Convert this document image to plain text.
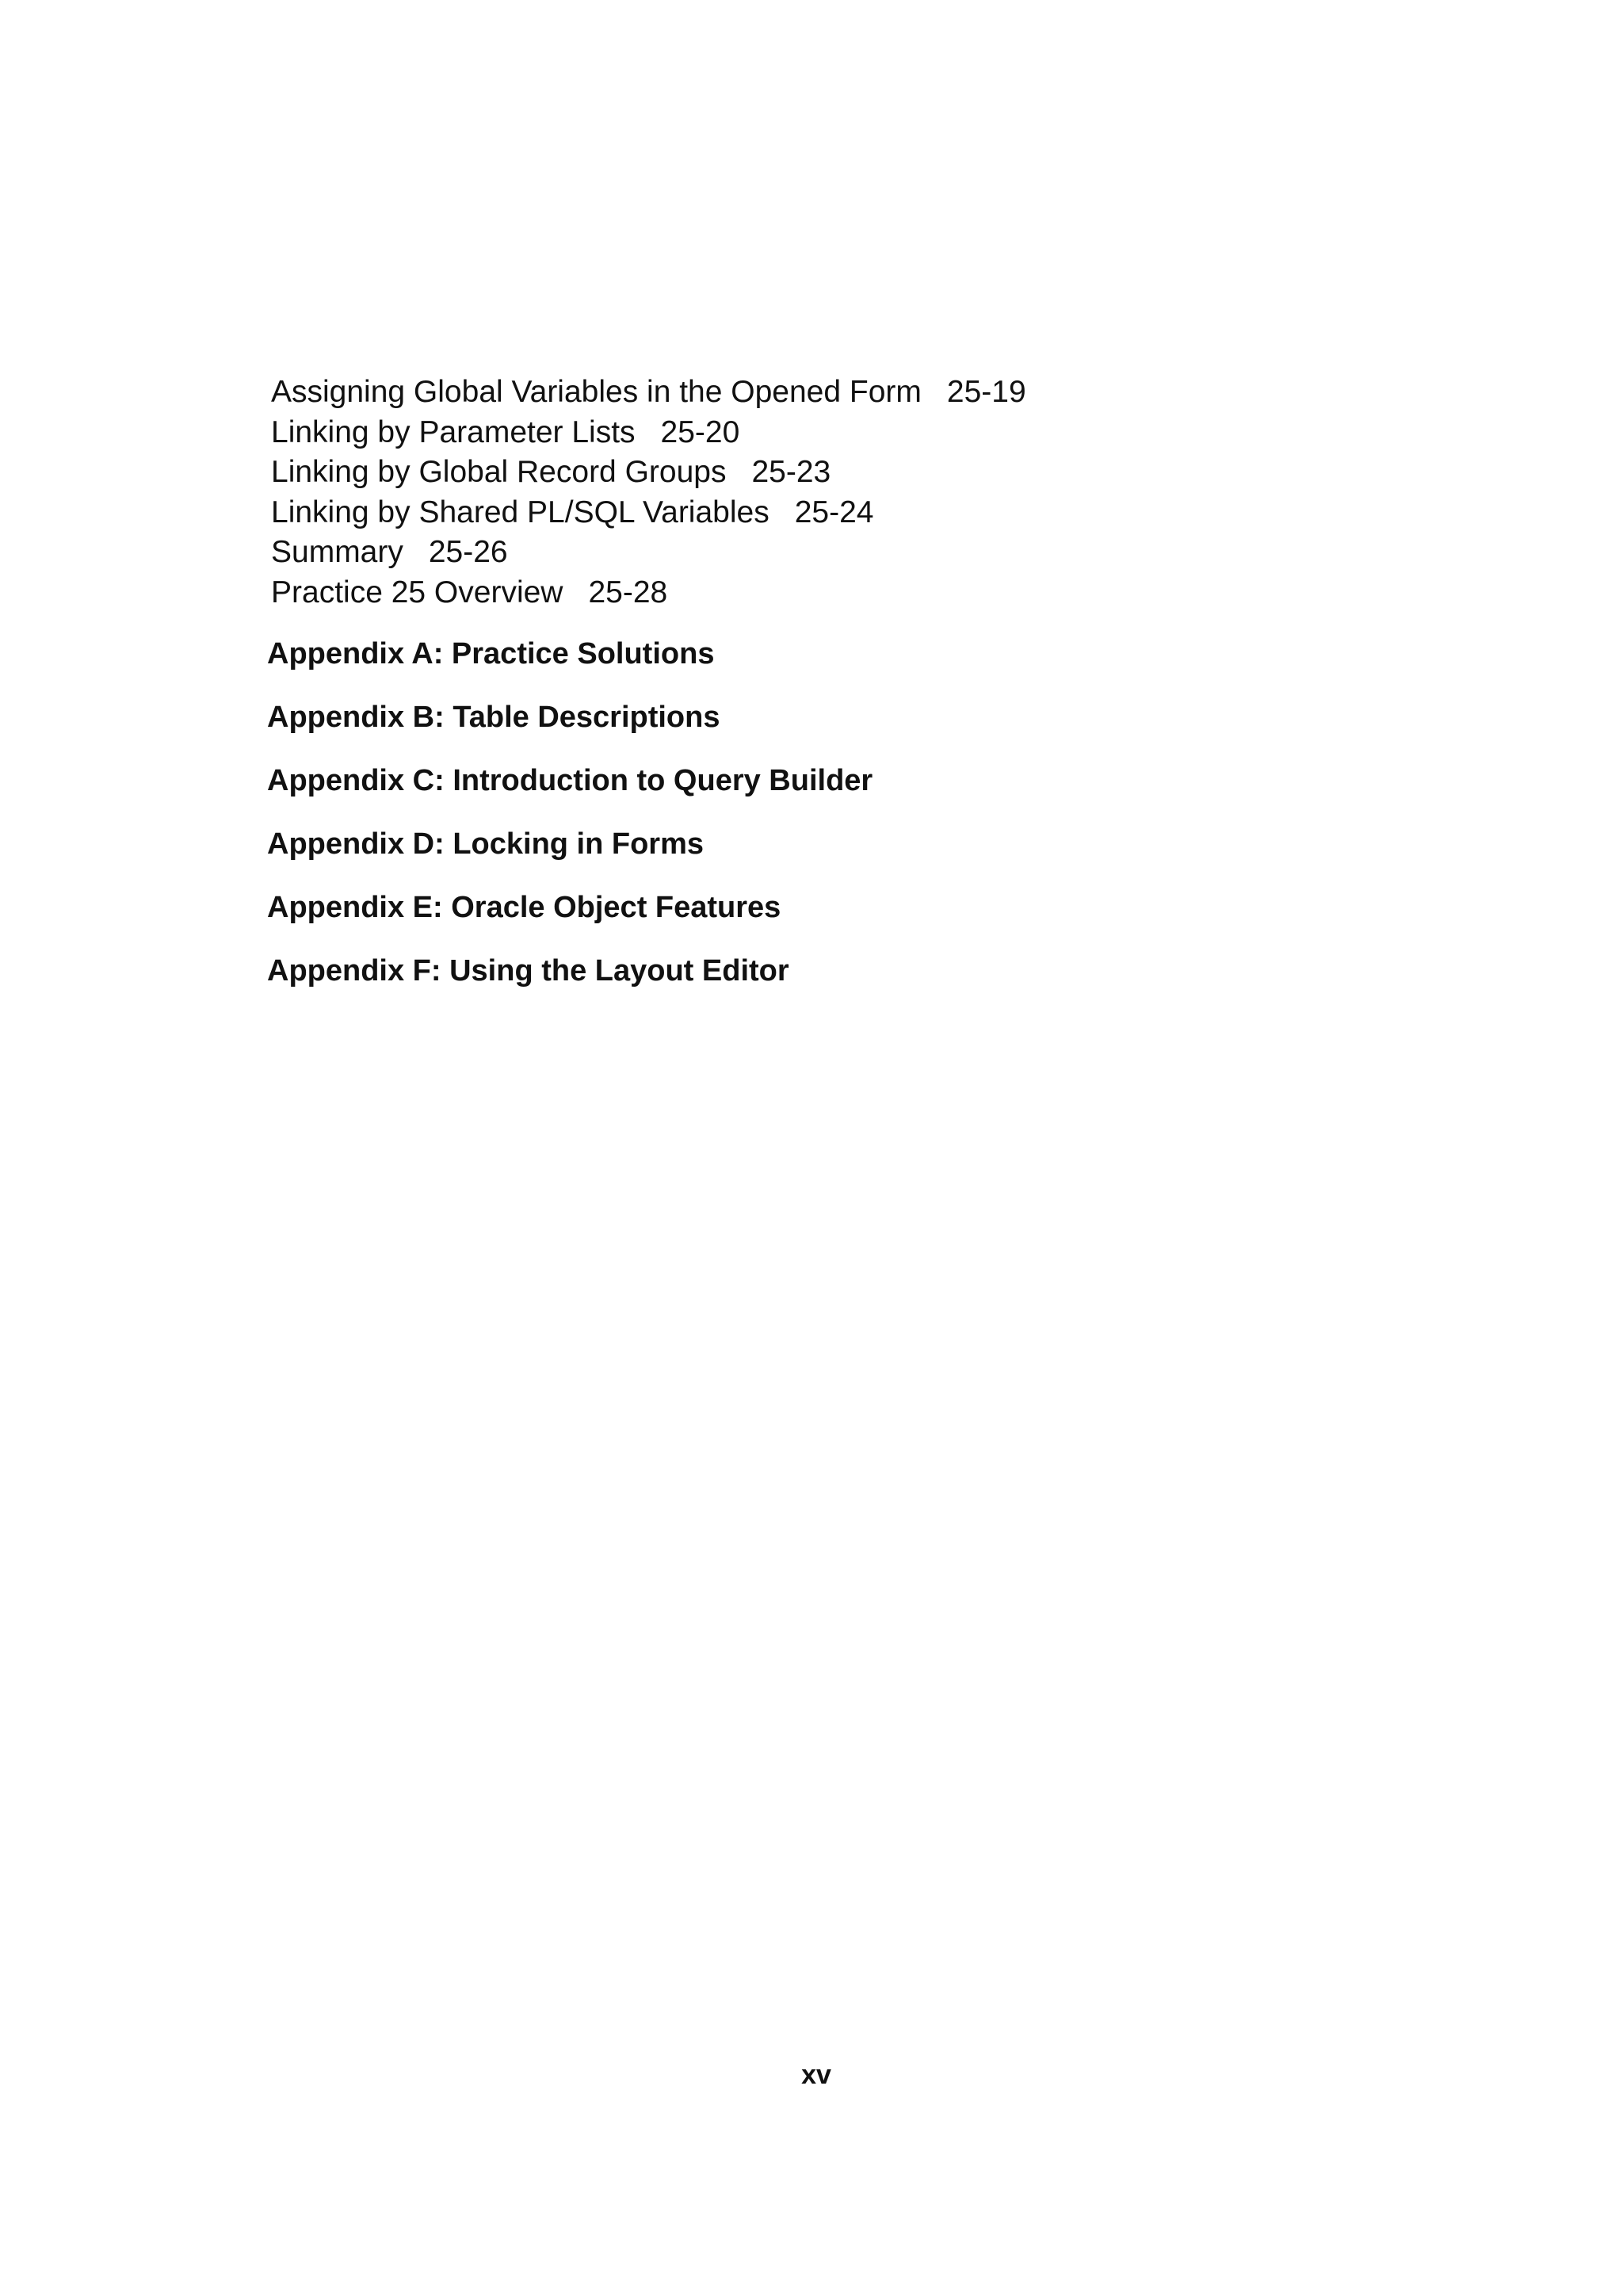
Assigning Global Variables in the Opened Form 25-19
Linking by Parameter Lists 25-20
Linking by Global Record Groups 25-23
Linking by Shared PL/SQL Variables 25-24
Summary 25-26
Practice 25 Overview 25-28
Appendix A: Practice Solutions
Appendix B: Table Descriptions
Appendix C: Introduction to Query Builder
Appendix D: Locking in Forms
Appendix E: Oracle Object Features
Appendix F: Using the Layout Editor
xv
